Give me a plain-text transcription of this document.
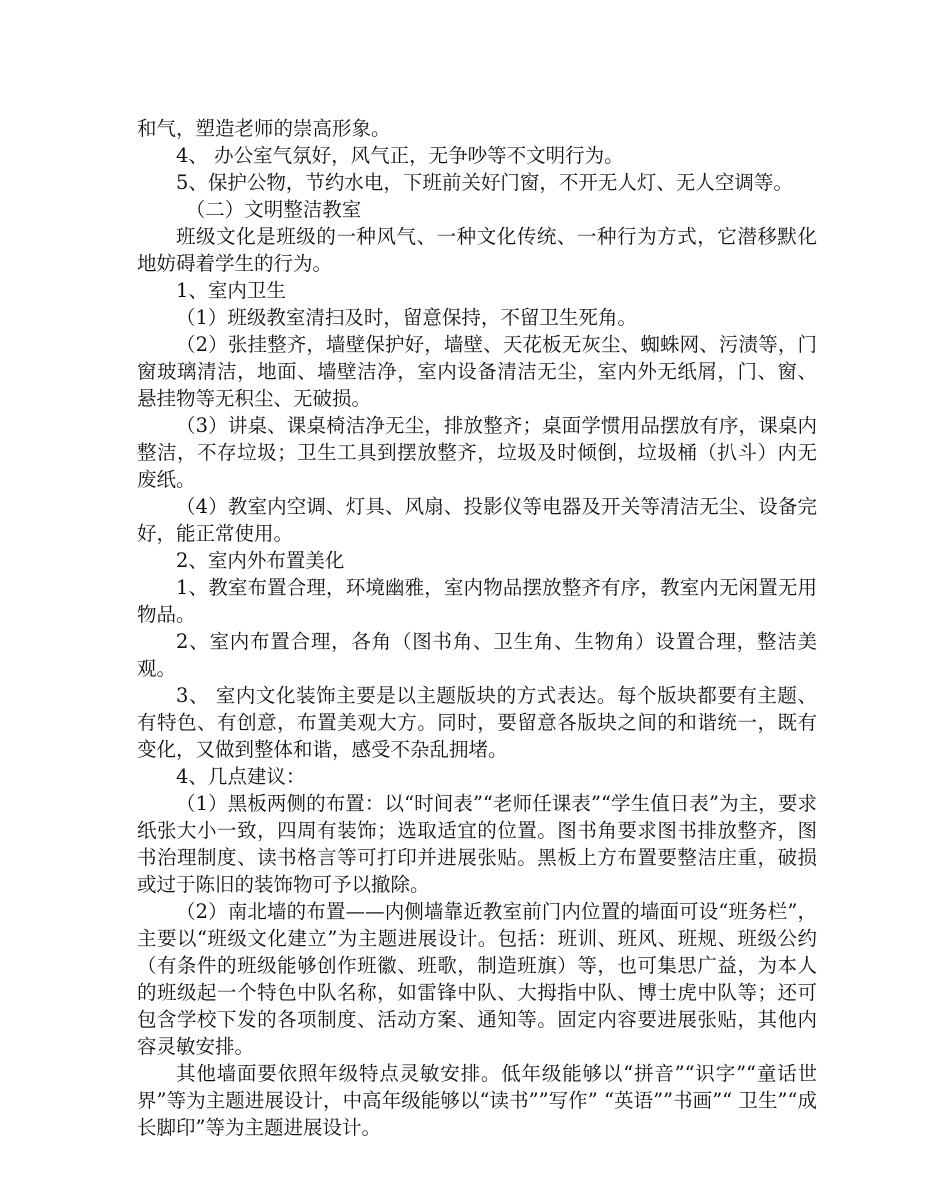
和气，塑造老师的崇高形象。

4、 办公室气氛好，风气正，无争吵等不文明行为。

5、保护公物，节约水电，下班前关好门窗，不开无人灯、无人空调等。

（二）文明整洁教室

班级文化是班级的一种风气、一种文化传统、一种行为方式，它潜移默化地妨碍着学生的行为。

1、室内卫生

（1）班级教室清扫及时，留意保持，不留卫生死角。

（2）张挂整齐，墙壁保护好，墙壁、天花板无灰尘、蜘蛛网、污渍等，门窗玻璃清洁，地面、墙壁洁净，室内设备清洁无尘，室内外无纸屑，门、窗、悬挂物等无积尘、无破损。

（3）讲桌、课桌椅洁净无尘，排放整齐；桌面学惯用品摆放有序，课桌内整洁，不存垃圾；卫生工具到摆放整齐，垃圾及时倾倒，垃圾桶（扒斗）内无废纸。

（4）教室内空调、灯具、风扇、投影仪等电器及开关等清洁无尘、设备完好，能正常使用。

2、室内外布置美化

1、教室布置合理，环境幽雅，室内物品摆放整齐有序，教室内无闲置无用物品。

2、室内布置合理，各角（图书角、卫生角、生物角）设置合理，整洁美观。

3、 室内文化装饰主要是以主题版块的方式表达。每个版块都要有主题、有特色、有创意，布置美观大方。同时，要留意各版块之间的和谐统一，既有变化，又做到整体和谐，感受不杂乱拥堵。

4、几点建议：

（1）黑板两侧的布置：以“时间表”“老师任课表”“学生值日表”为主，要求纸张大小一致，四周有装饰；选取适宜的位置。图书角要求图书排放整齐，图书治理制度、读书格言等可打印并进展张贴。黑板上方布置要整洁庄重，破损或过于陈旧的装饰物可予以撤除。

（2）南北墙的布置——内侧墙靠近教室前门内位置的墙面可设“班务栏”，主要以“班级文化建立”为主题进展设计。包括：班训、班风、班规、班级公约（有条件的班级能够创作班徽、班歌，制造班旗）等，也可集思广益，为本人的班级起一个特色中队名称，如雷锋中队、大拇指中队、博士虎中队等；还可包含学校下发的各项制度、活动方案、通知等。固定内容要进展张贴，其他内容灵敏安排。

其他墙面要依照年级特点灵敏安排。低年级能够以“拼音”“识字”“童话世界”等为主题进展设计，中高年级能够以“读书””写作” “英语””书画”“ 卫生”“成长脚印”等为主题进展设计。
